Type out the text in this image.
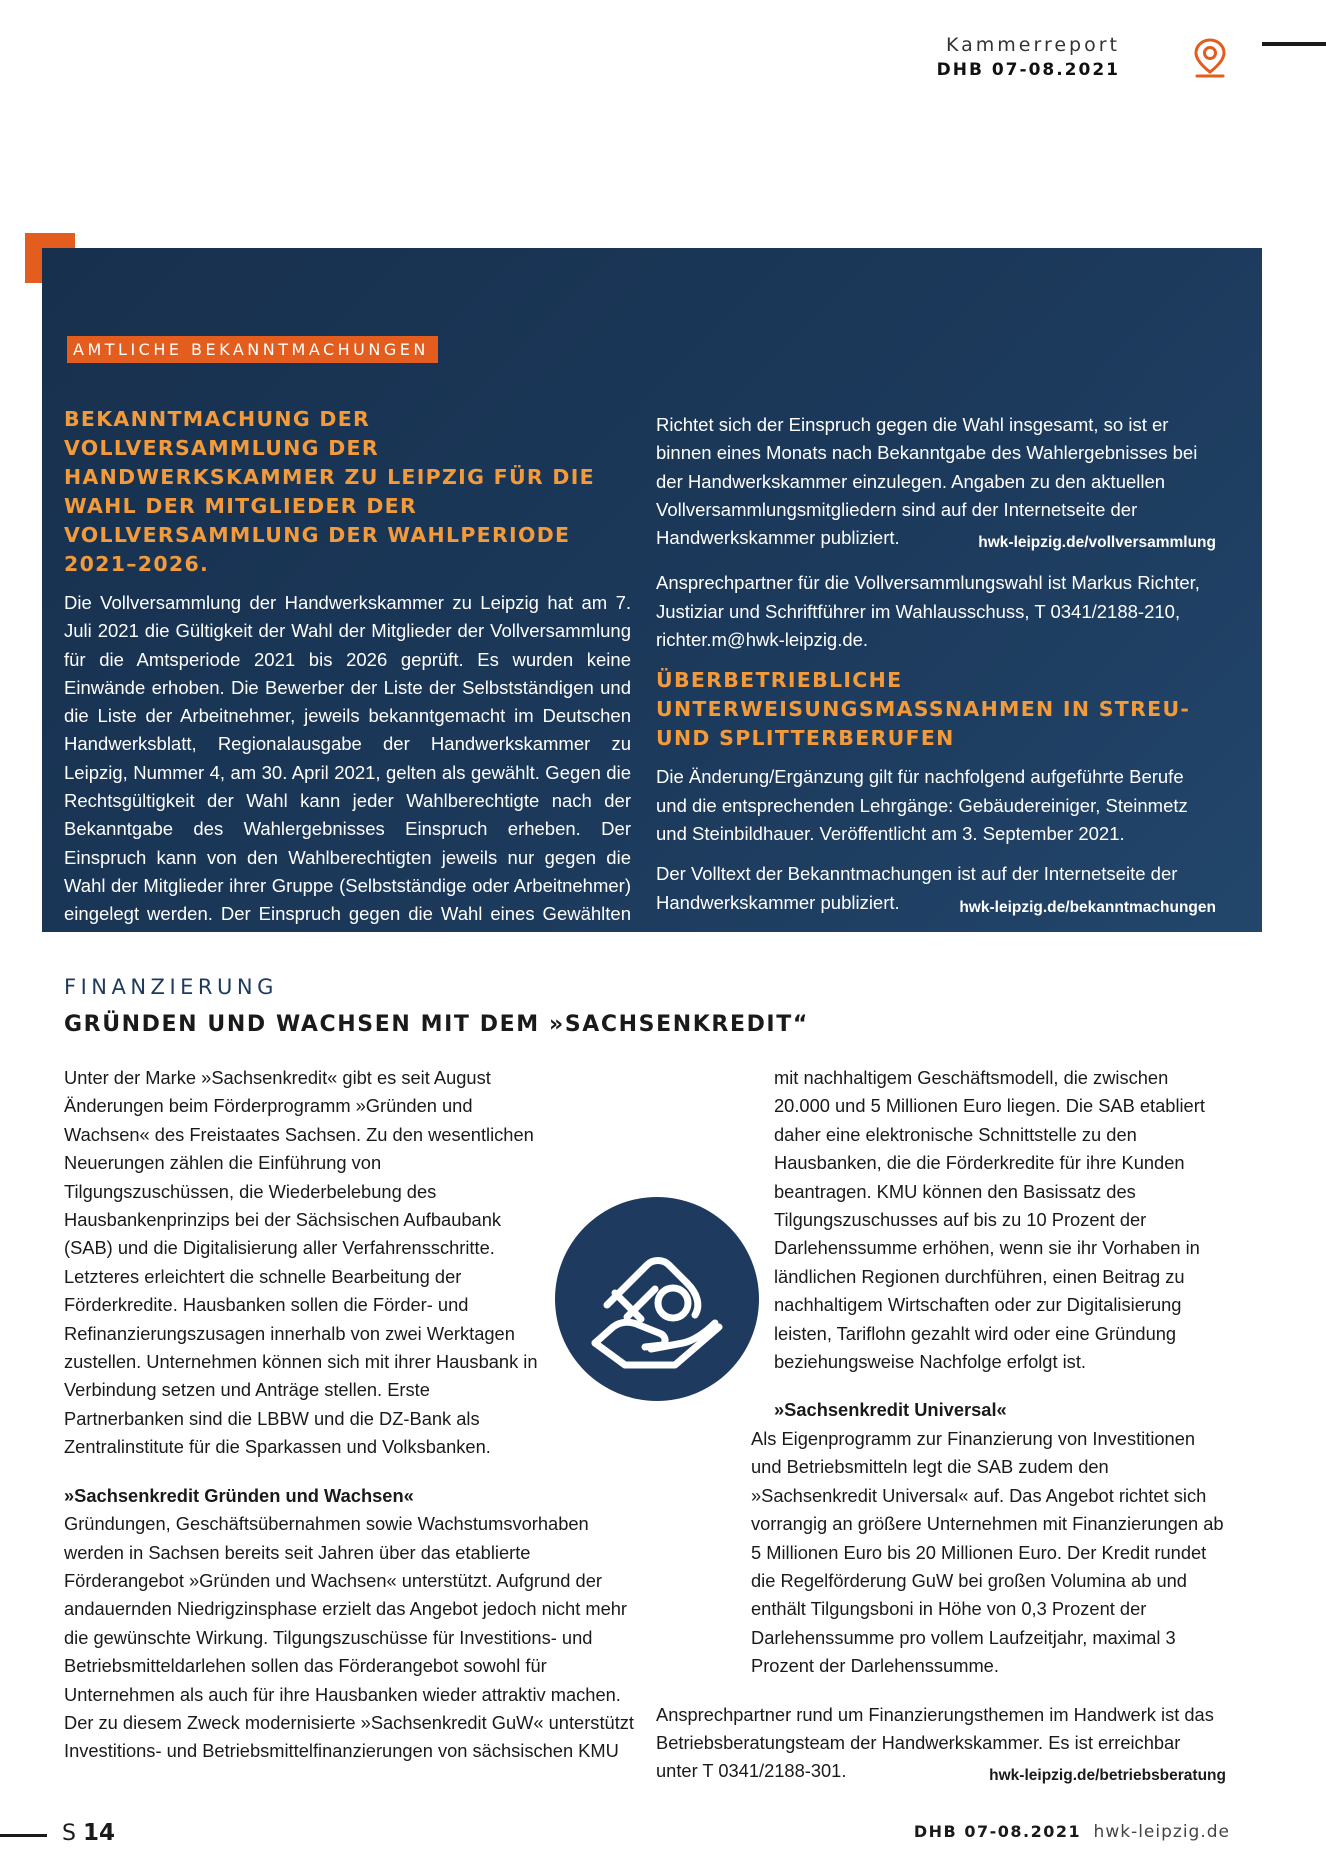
Kammerreport
DHB 07-08.2021
AMTLICHE BEKANNTMACHUNGEN
BEKANNTMACHUNG DER VOLLVERSAMMLUNG DER HANDWERKSKAMMER ZU LEIPZIG FÜR DIE WAHL DER MITGLIEDER DER VOLLVERSAMMLUNG DER WAHLPERIODE 2021–2026.

Die Vollversammlung der Handwerkskammer zu Leipzig hat am 7. Juli 2021 die Gültigkeit der Wahl der Mitglieder der Vollversammlung für die Amtsperiode 2021 bis 2026 geprüft. Es wurden keine Einwände erhoben. Die Bewerber der Liste der Selbstständigen und die Liste der Arbeitnehmer, jeweils bekanntgemacht im Deutschen Handwerksblatt, Regionalausgabe der Handwerkskammer zu Leipzig, Nummer 4, am 30. April 2021, gelten als gewählt. Gegen die Rechtsgültigkeit der Wahl kann jeder Wahlberechtigte nach der Bekanntgabe des Wahlergebnisses Einspruch erheben. Der Einspruch kann von den Wahlberechtigten jeweils nur gegen die Wahl der Mitglieder ihrer Gruppe (Selbstständige oder Arbeitnehmer) eingelegt werden. Der Einspruch gegen die Wahl eines Gewählten kann nur auf eine Verletzung der Vorschriften der §§ 96 bis 99 Handwerksordnung gestützt werden.

Richtet sich der Einspruch gegen die Wahl insgesamt, so ist er binnen eines Monats nach Bekanntgabe des Wahlergebnisses bei der Handwerkskammer einzulegen. Angaben zu den aktuellen Vollversammlungsmitgliedern sind auf der Internetseite der Handwerkskammer publiziert.	hwk-leipzig.de/vollversammlung

Ansprechpartner für die Vollversammlungswahl ist Markus Richter, Justiziar und Schriftführer im Wahlausschuss, T 0341/2188-210, richter.m@hwk-leipzig.de.

ÜBERBETRIEBLICHE UNTERWEISUNGSMASSNAHMEN IN STREU- UND SPLITTERBERUFEN

Die Änderung/Ergänzung gilt für nachfolgend aufgeführte Berufe und die entsprechenden Lehrgänge: Gebäudereiniger, Steinmetz und Steinbildhauer. Veröffentlicht am 3. September 2021.

Der Volltext der Bekanntmachungen ist auf der Internetseite der Handwerkskammer publiziert.	hwk-leipzig.de/bekanntmachungen

FINANZIERUNG
GRÜNDEN UND WACHSEN MIT DEM »SACHSENKREDIT“

Unter der Marke »Sachsenkredit« gibt es seit August Änderungen beim Förderprogramm »Gründen und Wachsen« des Freistaates Sachsen. Zu den wesentlichen Neuerungen zählen die Einführung von Tilgungszuschüssen, die Wiederbelebung des Hausbankenprinzips bei der Sächsischen Aufbaubank (SAB) und die Digitalisierung aller Verfahrensschritte. Letzteres erleichtert die schnelle Bearbeitung der Förderkredite. Hausbanken sollen die Förder- und Refinanzierungszusagen innerhalb von zwei Werktagen zustellen. Unternehmen können sich mit ihrer Hausbank in Verbindung setzen und Anträge stellen. Erste Partnerbanken sind die LBBW und die DZ-Bank als Zentralinstitute für die Sparkassen und Volksbanken.

»Sachsenkredit Gründen und Wachsen«

Gründungen, Geschäftsübernahmen sowie Wachstumsvorhaben werden in Sachsen bereits seit Jahren über das etablierte Förderangebot »Gründen und Wachsen« unterstützt. Aufgrund der andauernden Niedrigzinsphase erzielt das Angebot jedoch nicht mehr die gewünschte Wirkung. Tilgungszuschüsse für Investitions- und Betriebsmitteldarlehen sollen das Förderangebot sowohl für Unternehmen als auch für ihre Hausbanken wieder attraktiv machen. Der zu diesem Zweck modernisierte »Sachsenkredit GuW« unterstützt Investitions- und Betriebsmittelfinanzierungen von sächsischen KMU

mit nachhaltigem Geschäftsmodell, die zwischen 20.000 und 5 Millionen Euro liegen. Die SAB etabliert daher eine elektronische Schnittstelle zu den Hausbanken, die die Förderkredite für ihre Kunden beantragen. KMU können den Basissatz des Tilgungszuschusses auf bis zu 10 Prozent der Darlehenssumme erhöhen, wenn sie ihr Vorhaben in ländlichen Regionen durchführen, einen Beitrag zu nachhaltigem Wirtschaften oder zur Digitalisierung leisten, Tariflohn gezahlt wird oder eine Gründung beziehungsweise Nachfolge erfolgt ist.

»Sachsenkredit Universal«

Als Eigenprogramm zur Finanzierung von Investitionen und Betriebsmitteln legt die SAB zudem den »Sachsenkredit Universal« auf. Das Angebot richtet sich vorrangig an größere Unternehmen mit Finanzierungen ab 5 Millionen Euro bis 20 Millionen Euro. Der Kredit rundet die Regelförderung GuW bei großen Volumina ab und enthält Tilgungsboni in Höhe von 0,3 Prozent der Darlehenssumme pro vollem Laufzeitjahr, maximal 3 Prozent der Darlehenssumme.

Ansprechpartner rund um Finanzierungsthemen im Handwerk ist das Betriebsberatungsteam der Handwerkskammer. Es ist erreichbar unter T 0341/2188-301.	hwk-leipzig.de/betriebsberatung

S 14	DHB 07-08.2021 hwk-leipzig.de
